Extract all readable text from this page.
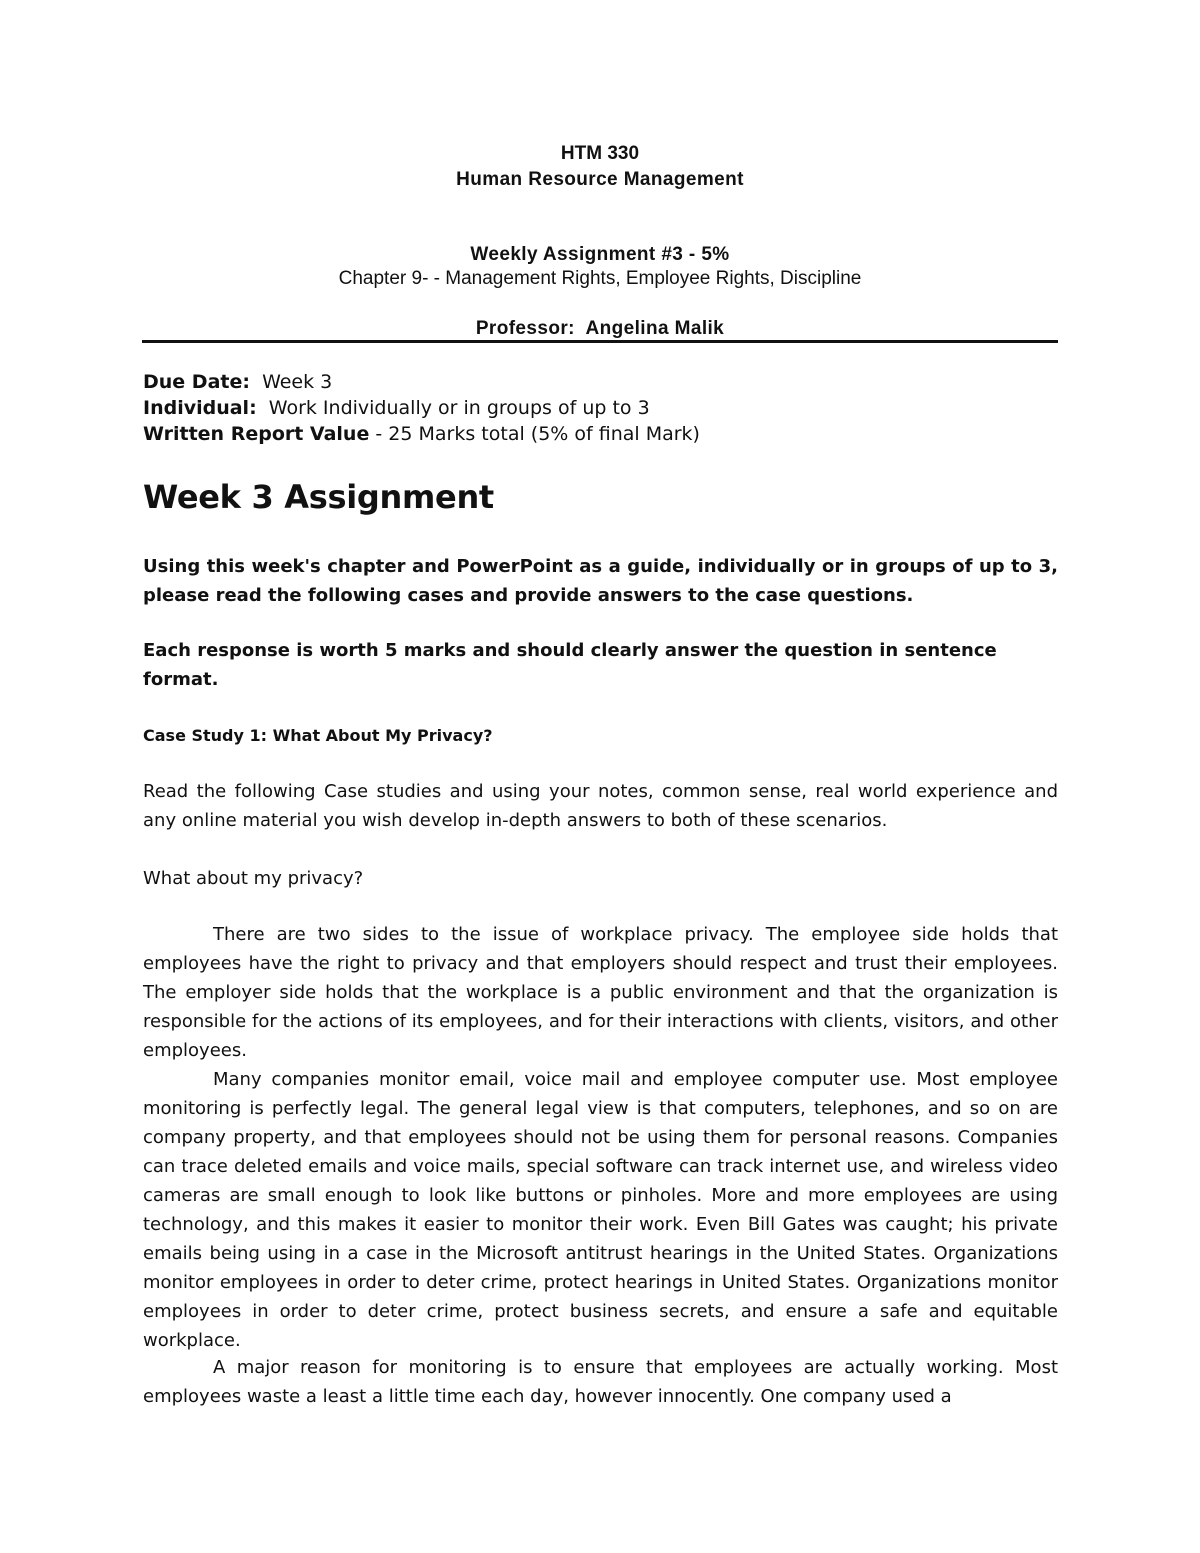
HTM 330
Human Resource Management
Weekly Assignment #3 - 5%
Chapter 9- - Management Rights, Employee Rights, Discipline
Professor: Angelina Malik
Due Date: Week 3
Individual: Work Individually or in groups of up to 3
Written Report Value - 25 Marks total (5% of final Mark)
Week 3 Assignment

Using this week's chapter and PowerPoint as a guide, individually or in groups of up to 3, please read the following cases and provide answers to the case questions.

Each response is worth 5 marks and should clearly answer the question in sentence format.

Case Study 1: What About My Privacy?

Read the following Case studies and using your notes, common sense, real world experience and any online material you wish develop in-depth answers to both of these scenarios.

What about my privacy?

There are two sides to the issue of workplace privacy. The employee side holds that employees have the right to privacy and that employers should respect and trust their employees. The employer side holds that the workplace is a public environment and that the organization is responsible for the actions of its employees, and for their interactions with clients, visitors, and other employees.

Many companies monitor email, voice mail and employee computer use. Most employee monitoring is perfectly legal. The general legal view is that computers, telephones, and so on are company property, and that employees should not be using them for personal reasons. Companies can trace deleted emails and voice mails, special software can track internet use, and wireless video cameras are small enough to look like buttons or pinholes. More and more employees are using technology, and this makes it easier to monitor their work. Even Bill Gates was caught; his private emails being using in a case in the Microsoft antitrust hearings in the United States. Organizations monitor employees in order to deter crime, protect hearings in United States. Organizations monitor employees in order to deter crime, protect business secrets, and ensure a safe and equitable workplace.

A major reason for monitoring is to ensure that employees are actually working. Most employees waste a least a little time each day, however innocently. One company used a
